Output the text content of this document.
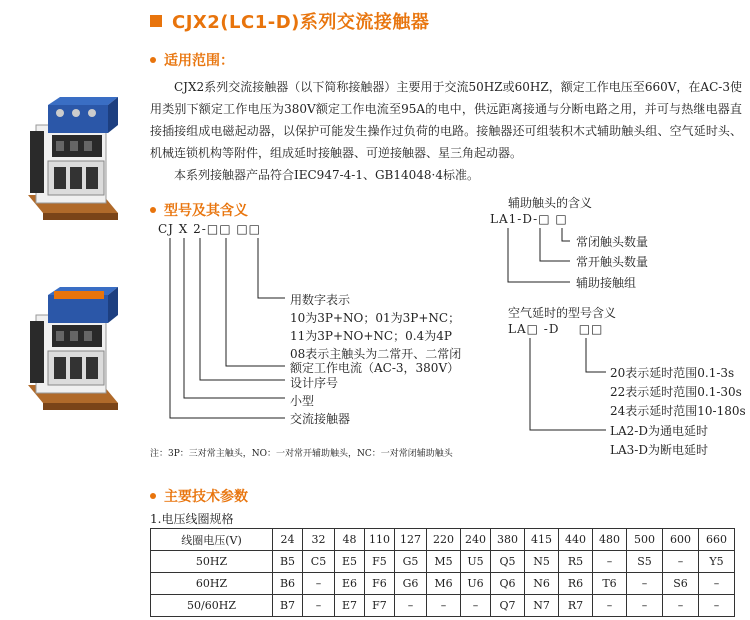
CJX2(LC1-D)系列交流接触器
适用范围：
CJX2系列交流接触器（以下简称接触器）主要用于交流50HZ或60HZ，额定工作电压至660V，在AC-3使用类别下额定工作电压为380V额定工作电流至95A的电中，供远距离接通与分断电路之用，并可与热继电器直接插接组成电磁起动器，以保护可能发生操作过负荷的电路。接触器还可组装积木式辅助触头组、空气延时头、机械连锁机构等附件，组成延时接触器、可逆接触器、星三角起动器。
本系列接触器产品符合IEC947-4-1、GB14048·4标准。
型号及其含义
CJ X 2-□□ □□
用数字表示
10为3P+NO；01为3P+NC；
11为3P+NO+NC；0.4为4P
08表示主触头为二常开、二常闭
额定工作电流（AC-3，380V）
设计序号
小型
交流接触器
辅助触头的含义
LA1-D-□ □
常闭触头数量
常开触头数量
辅助接触组
空气延时的型号含义
LA□ -D    □□
20表示延时范围0.1-3s
22表示延时范围0.1-30s
24表示延时范围10-180s
LA2-D为通电延时
LA3-D为断电延时
注：3P：三对常主触头，NO：一对常开辅助触头，NC：一对常闭辅助触头
主要技术参数
1.电压线圈规格
线圈电压(V)	24	32	48	110	127	220	240	380	415	440	480	500	600	660
50HZ	B5	C5	E5	F5	G5	M5	U5	Q5	N5	R5	–	S5	–	Y5
60HZ	B6	–	E6	F6	G6	M6	U6	Q6	N6	R6	T6	–	S6	–
50/60HZ	B7	–	E7	F7	–	–	–	Q7	N7	R7	–	–	–	–
